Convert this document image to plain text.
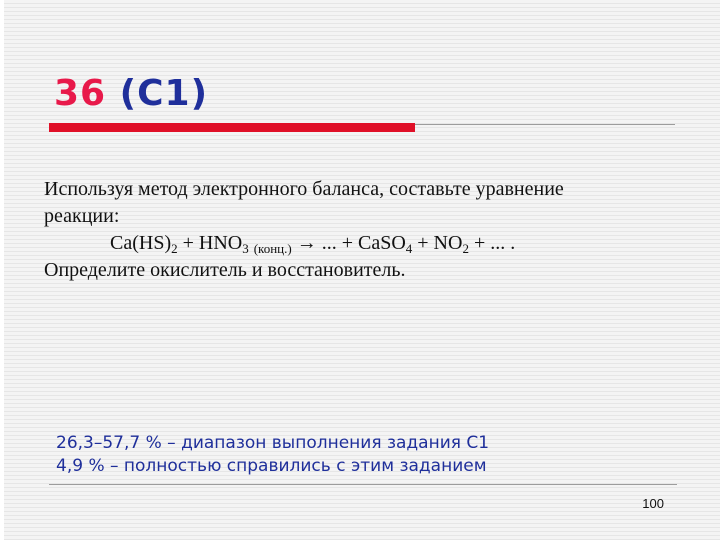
36 (С1)
Используя метод электронного баланса, составьте уравнение
реакции:
$Ca(HS)_2 + HNO_3$ $_{(конц.)}$ → ... + CaSO$_4$ + $NO_2$ + ... .
Определите окислитель и восстановитель.
26,3–57,7 % – диапазон выполнения задания С1
4,9 % – полностью справились с этим заданием
100
